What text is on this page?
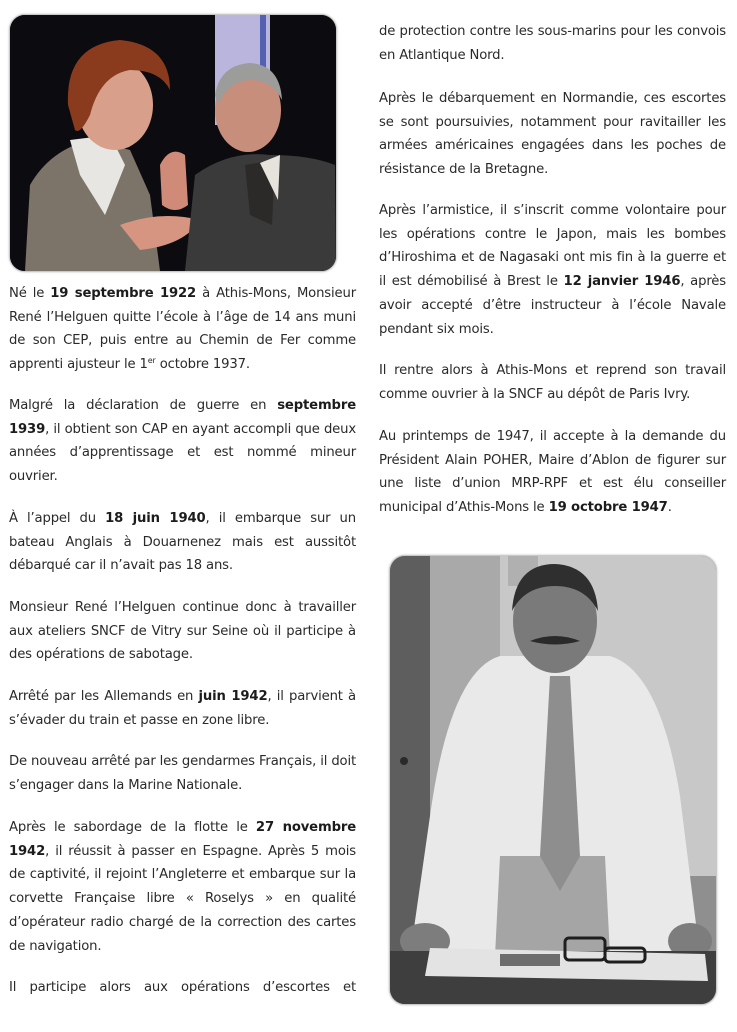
Né le 19 septembre 1922 à Athis-Mons, Monsieur René l’Helguen quitte l’école à l’âge de 14 ans muni de son CEP, puis entre au Chemin de Fer comme apprenti ajusteur le 1er octobre 1937.

Malgré la déclaration de guerre en septembre 1939, il obtient son CAP en ayant accompli que deux années d’apprentissage et est nommé mineur ouvrier.

À l’appel du 18 juin 1940, il embarque sur un bateau Anglais à Douarnenez mais est aussitôt débarqué car il n’avait pas 18 ans.

Monsieur René l’Helguen continue donc à travailler aux ateliers SNCF de Vitry sur Seine où il participe à des opérations de sabotage.

Arrêté par les Allemands en juin 1942, il parvient à s’évader du train et passe en zone libre.

De nouveau arrêté par les gendarmes Français, il doit s’engager dans la Marine Nationale.

Après le sabordage de la flotte le 27 novembre 1942, il réussit à passer en Espagne. Après 5 mois de captivité, il rejoint l’Angleterre et embarque sur la corvette Française libre « Roselys » en qualité d’opérateur radio chargé de la correction des cartes de navigation.

Il participe alors aux opérations d’escortes et

de protection contre les sous-marins pour les convois en Atlantique Nord.

Après le débarquement en Normandie, ces escortes se sont poursuivies, notamment pour ravitailler les armées américaines engagées dans les poches de résistance de la Bretagne.

Après l’armistice, il s’inscrit comme volontaire pour les opérations contre le Japon, mais les bombes d’Hiroshima et de Nagasaki ont mis fin à la guerre et il est démobilisé à Brest le 12 janvier 1946, après avoir accepté d’être instructeur à l’école Navale pendant six mois.

Il rentre alors à Athis-Mons et reprend son travail comme ouvrier à la SNCF au dépôt de Paris Ivry.

Au printemps de 1947, il accepte à la demande du Président Alain POHER, Maire d’Ablon de figurer sur une liste d’union MRP-RPF et est élu conseiller municipal d’Athis-Mons le 19 octobre 1947.
